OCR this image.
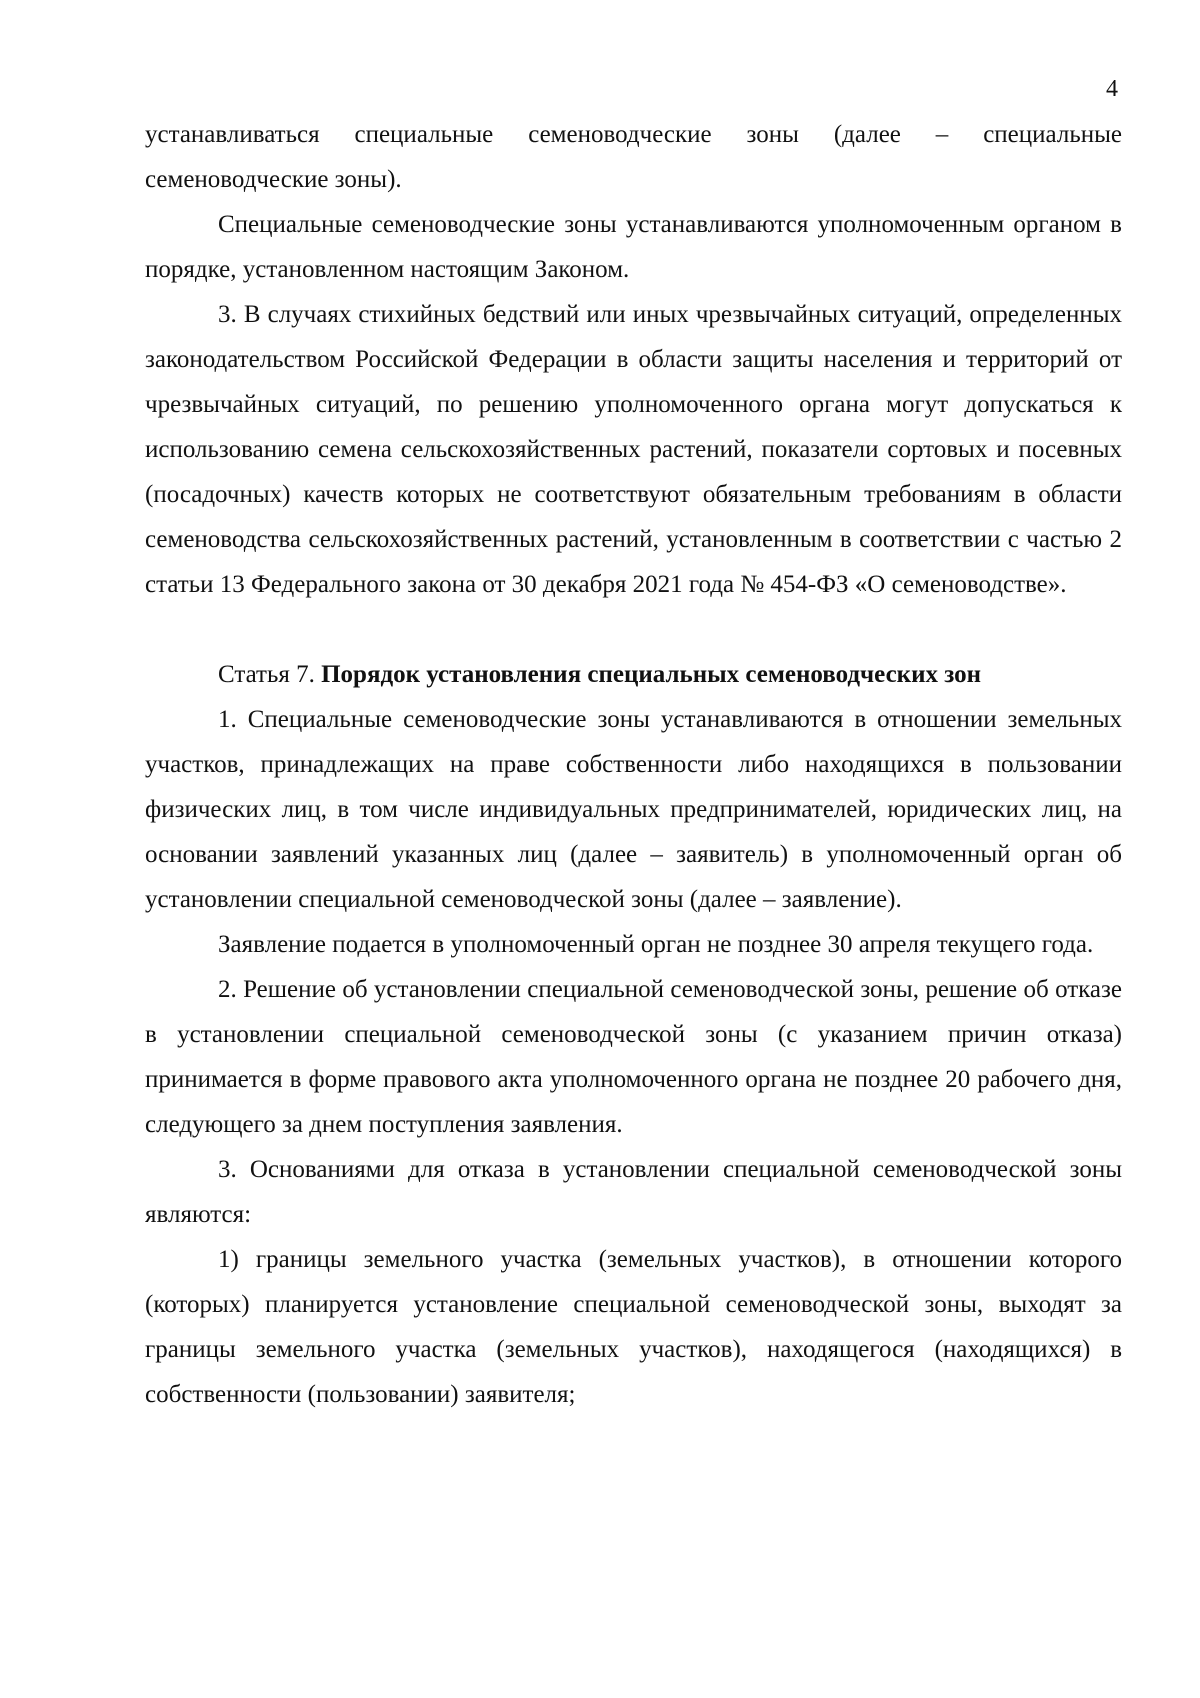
4

устанавливаться специальные семеноводческие зоны (далее – специальные семеноводческие зоны).

Специальные семеноводческие зоны устанавливаются уполномоченным органом в порядке, установленном настоящим Законом.

3. В случаях стихийных бедствий или иных чрезвычайных ситуаций, определенных законодательством Российской Федерации в области защиты населения и территорий от чрезвычайных ситуаций, по решению уполномоченного органа могут допускаться к использованию семена сельскохозяйственных растений, показатели сортовых и посевных (посадочных) качеств которых не соответствуют обязательным требованиям в области семеноводства сельскохозяйственных растений, установленным в соответствии с частью 2 статьи 13 Федерального закона от 30 декабря 2021 года № 454-ФЗ «О семеноводстве».

Статья 7. Порядок установления специальных семеноводческих зон

1. Специальные семеноводческие зоны устанавливаются в отношении земельных участков, принадлежащих на праве собственности либо находящихся в пользовании физических лиц, в том числе индивидуальных предпринимателей, юридических лиц, на основании заявлений указанных лиц (далее – заявитель) в уполномоченный орган об установлении специальной семеноводческой зоны (далее – заявление).

Заявление подается в уполномоченный орган не позднее 30 апреля текущего года.

2. Решение об установлении специальной семеноводческой зоны, решение об отказе в установлении специальной семеноводческой зоны (с указанием причин отказа) принимается в форме правового акта уполномоченного органа не позднее 20 рабочего дня, следующего за днем поступления заявления.

3. Основаниями для отказа в установлении специальной семеноводческой зоны являются:

1) границы земельного участка (земельных участков), в отношении которого (которых) планируется установление специальной семеноводческой зоны, выходят за границы земельного участка (земельных участков), находящегося (находящихся) в собственности (пользовании) заявителя;
